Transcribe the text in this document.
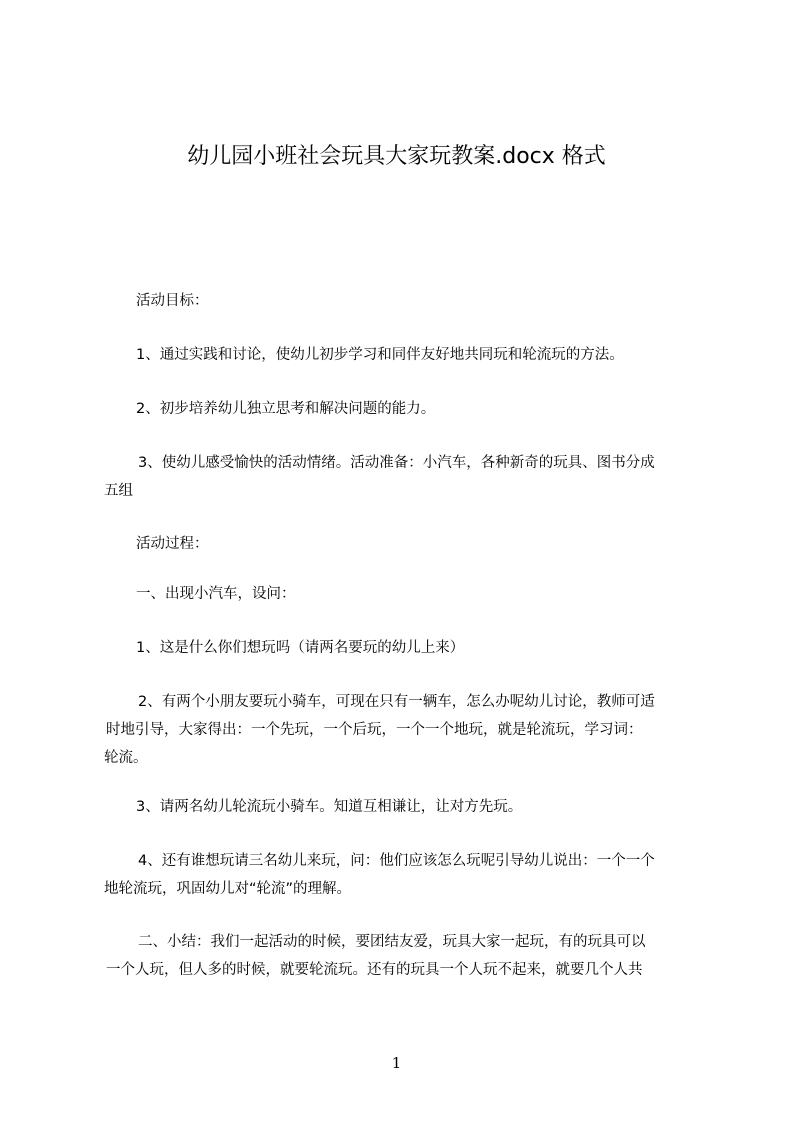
幼儿园小班社会玩具大家玩教案.docx 格式
活动目标：
1、通过实践和讨论，使幼儿初步学习和同伴友好地共同玩和轮流玩的方法。
2、初步培养幼儿独立思考和解决问题的能力。
3、使幼儿感受愉快的活动情绪。活动准备：小汽车，各种新奇的玩具、图书分成
五组
活动过程：
一、出现小汽车，设问：
1、这是什么你们想玩吗（请两名要玩的幼儿上来）
2、有两个小朋友要玩小骑车，可现在只有一辆车，怎么办呢幼儿讨论，教师可适
时地引导，大家得出：一个先玩，一个后玩，一个一个地玩，就是轮流玩，学习词：
轮流。
3、请两名幼儿轮流玩小骑车。知道互相谦让，让对方先玩。
4、还有谁想玩请三名幼儿来玩，问：他们应该怎么玩呢引导幼儿说出：一个一个
地轮流玩，巩固幼儿对“轮流”的理解。
二、小结：我们一起活动的时候，要团结友爱，玩具大家一起玩，有的玩具可以
一个人玩，但人多的时候，就要轮流玩。还有的玩具一个人玩不起来，就要几个人共
1
